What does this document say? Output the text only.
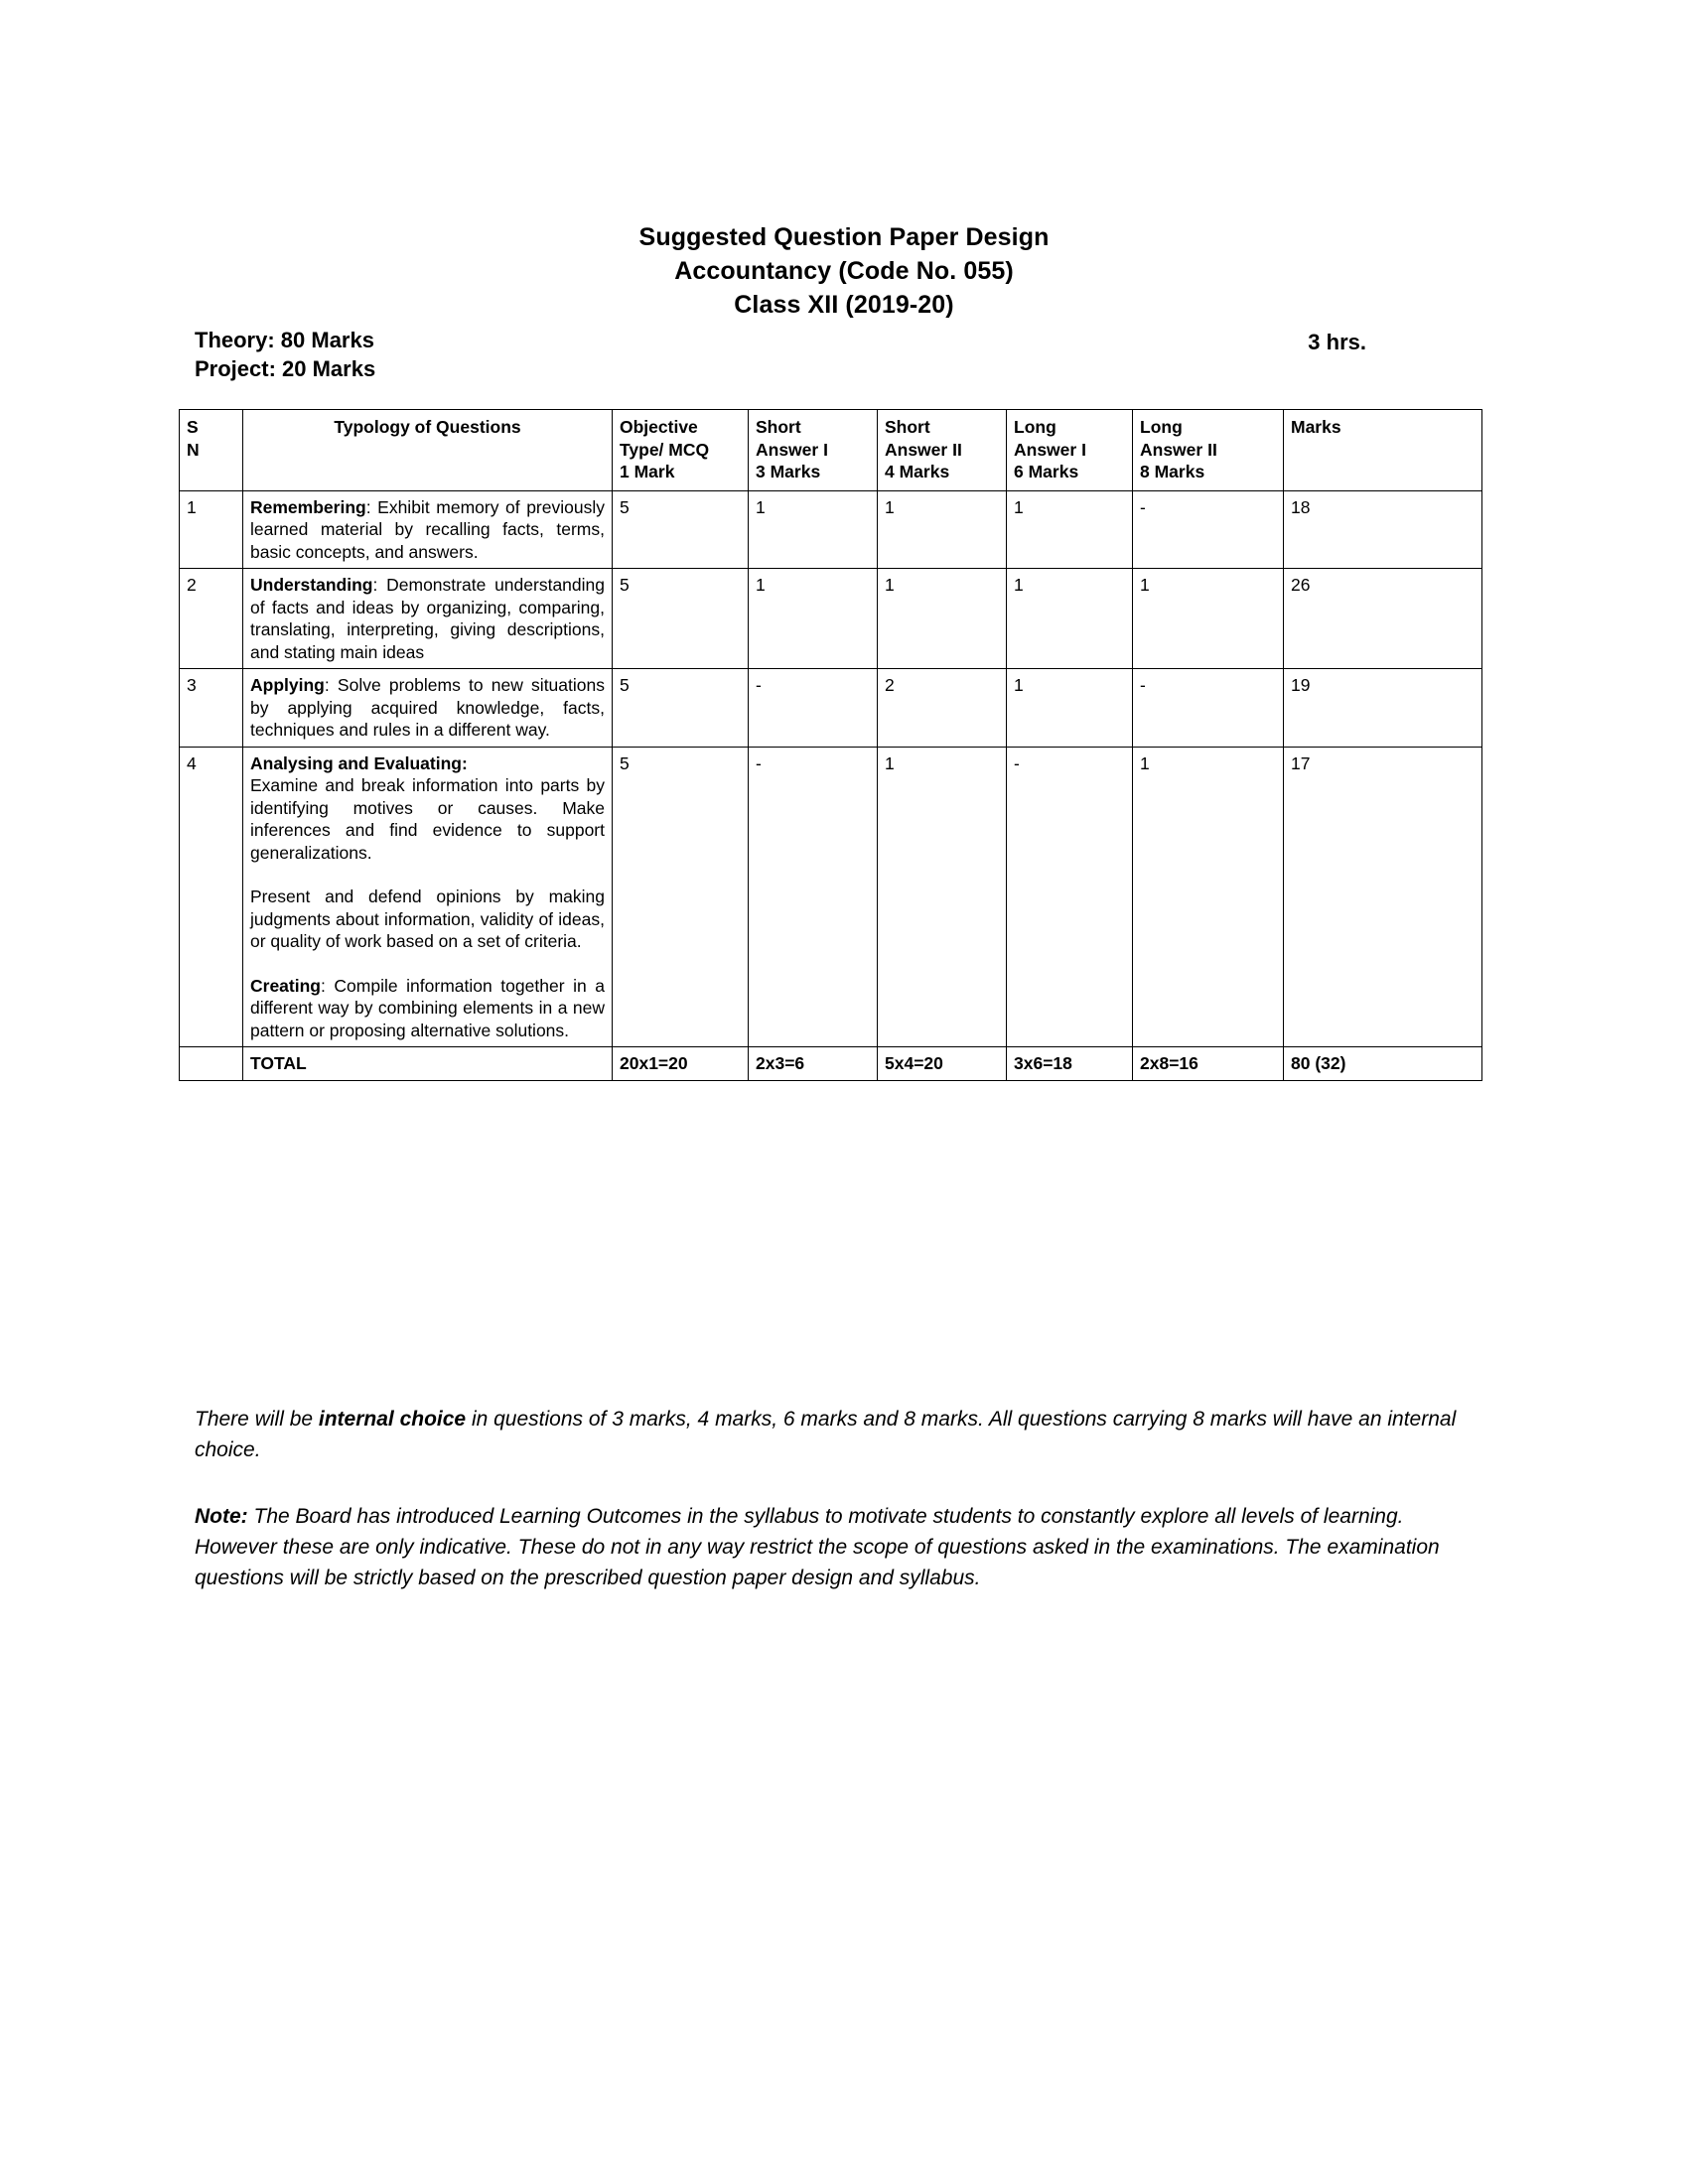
Suggested Question Paper Design
Accountancy (Code No. 055)
Class XII (2019-20)
Theory: 80 Marks
Project: 20 Marks
3 hrs.
S
N	Typology of Questions	Objective
Type/ MCQ
1 Mark	Short
Answer I
3 Marks	Short
Answer II
4 Marks	Long
Answer I
6 Marks	Long
Answer II
8 Marks	Marks
1	Remembering: Exhibit memory of previously learned material by recalling facts, terms, basic concepts, and answers.	5	1	1	1	-	18
2	Understanding: Demonstrate understanding of facts and ideas by organizing, comparing, translating, interpreting, giving descriptions, and stating main ideas	5	1	1	1	1	26
3	Applying: Solve problems to new situations by applying acquired knowledge, facts, techniques and rules in a different way.	5	-	2	1	-	19
4	Analysing and Evaluating:

Examine and break information into parts by identifying motives or causes. Make inferences and find evidence to support generalizations.

Present and defend opinions by making judgments about information, validity of ideas, or quality of work based on a set of criteria.

Creating: Compile information together in a different way by combining elements in a new pattern or proposing alternative solutions.	5	-	1	-	1	17
	TOTAL	20x1=20	2x3=6	5x4=20	3x6=18	2x8=16	80 (32)
There will be internal choice in questions of 3 marks, 4 marks, 6 marks and 8 marks. All questions carrying 8 marks will have an internal choice.
Note: The Board has introduced Learning Outcomes in the syllabus to motivate students to constantly explore all levels of learning. However these are only indicative. These do not in any way restrict the scope of questions asked in the examinations. The examination questions will be strictly based on the prescribed question paper design and syllabus.
